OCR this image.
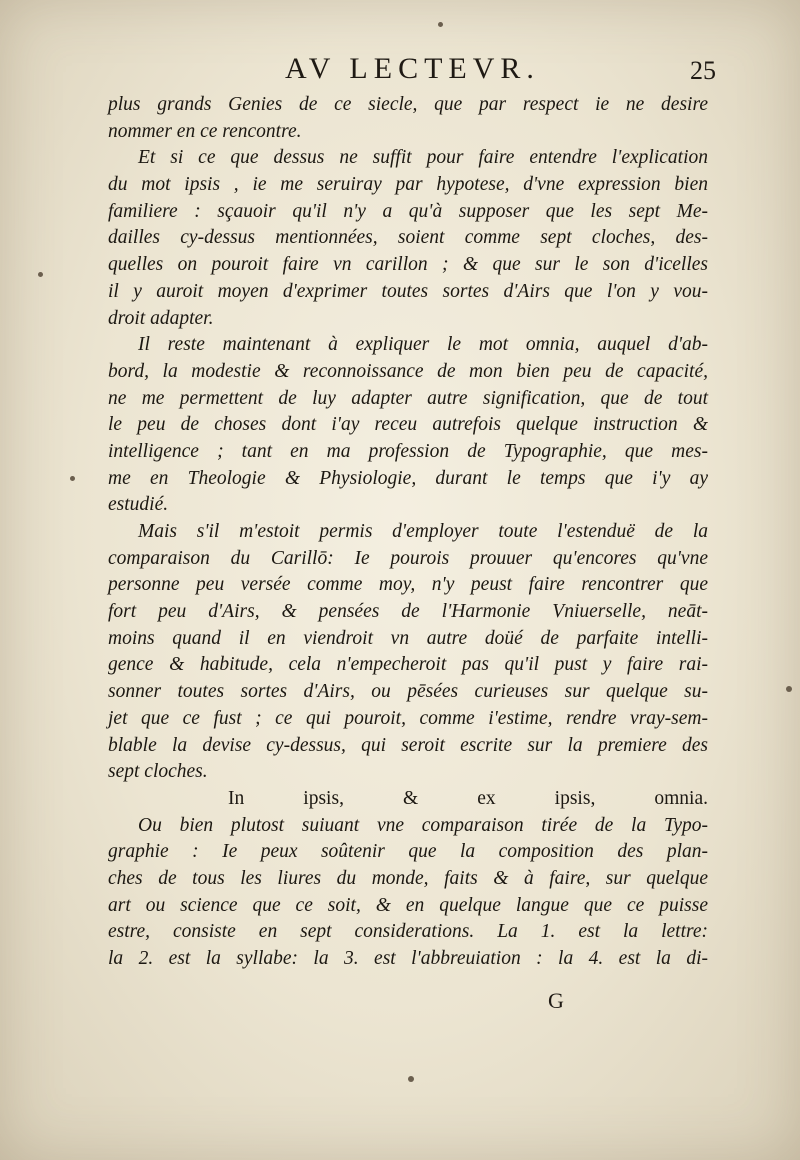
AV LECTEVR.	25
plus grands Genies de ce siecle, que par respect ie ne desire
nommer en ce rencontre.
Et si ce que dessus ne suffit pour faire entendre l'explication
du mot ipsis , ie me seruiray par hypotese, d'vne expression bien
familiere : sçauoir qu'il n'y a qu'à supposer que les sept Me-
dailles cy-dessus mentionnées, soient comme sept cloches, des-
quelles on pouroit faire vn carillon ; & que sur le son d'icelles
il y auroit moyen d'exprimer toutes sortes d'Airs que l'on y vou-
droit adapter.
Il reste maintenant à expliquer le mot omnia, auquel d'ab-
bord, la modestie & reconnoissance de mon bien peu de capacité,
ne me permettent de luy adapter autre signification, que de tout
le peu de choses dont i'ay receu autrefois quelque instruction &
intelligence ; tant en ma profession de Typographie, que mes-
me en Theologie & Physiologie, durant le temps que i'y ay
estudié.
Mais s'il m'estoit permis d'employer toute l'estenduë de la
comparaison du Carillō: Ie pourois prouuer qu'encores qu'vne
personne peu versée comme moy, n'y peust faire rencontrer que
fort peu d'Airs, & pensées de l'Harmonie Vniuerselle, neāt-
moins quand il en viendroit vn autre doüé de parfaite intelli-
gence & habitude, cela n'empecheroit pas qu'il pust y faire rai-
sonner toutes sortes d'Airs, ou pēsées curieuses sur quelque su-
jet que ce fust ; ce qui pouroit, comme i'estime, rendre vray-sem-
blable la devise cy-dessus, qui seroit escrite sur la premiere des
sept cloches.
In ipsis, & ex ipsis, omnia.
Ou bien plutost suiuant vne comparaison tirée de la Typo-
graphie : Ie peux soûtenir que la composition des plan-
ches de tous les liures du monde, faits & à faire, sur quelque
art ou science que ce soit, & en quelque langue que ce puisse
estre, consiste en sept considerations. La 1. est la lettre:
la 2. est la syllabe: la 3. est l'abbreuiation : la 4. est la di-
G
